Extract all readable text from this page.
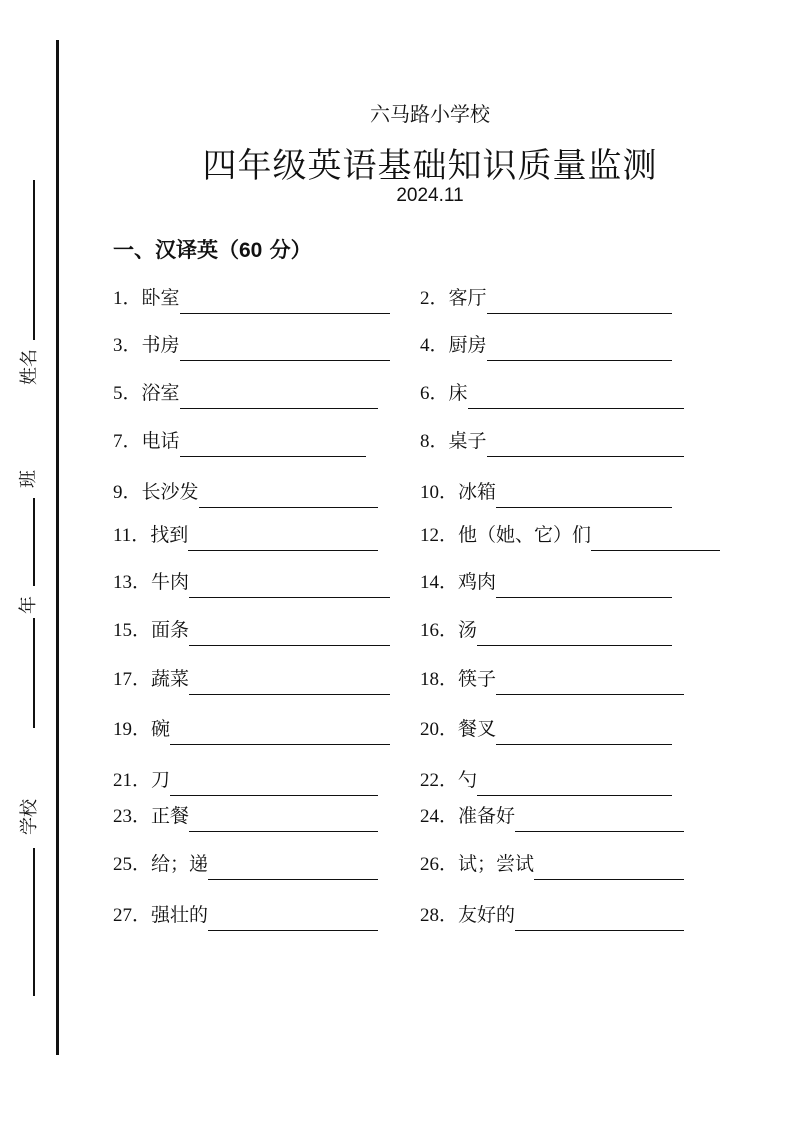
姓名
班
年
学校
六马路小学校
四年级英语基础知识质量监测
2024.11
一、汉译英（60 分）
1． 卧室	2． 客厅
3． 书房	4． 厨房
5． 浴室	6． 床
7． 电话	8． 桌子
9． 长沙发	10． 冰箱
11． 找到	12． 他（她、它）们
13． 牛肉	14． 鸡肉
15． 面条	16． 汤
17． 蔬菜	18． 筷子
19． 碗	20． 餐叉
21． 刀	22． 勺
23． 正餐	24． 准备好
25． 给；递	26． 试；尝试
27． 强壮的	28． 友好的
